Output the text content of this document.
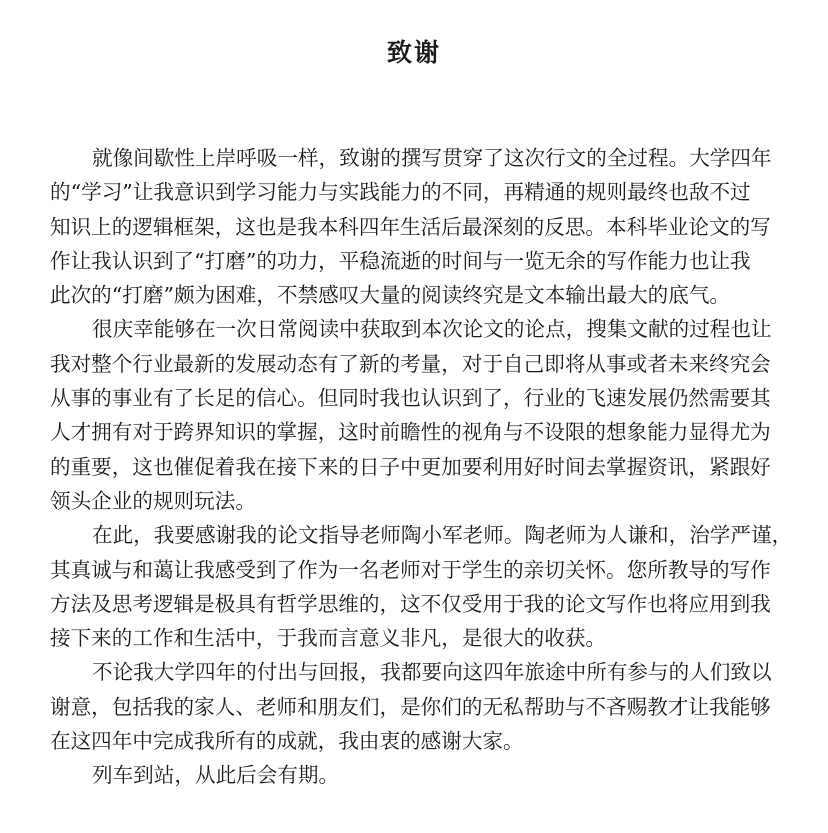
致谢
就像间歇性上岸呼吸一样，致谢的撰写贯穿了这次行文的全过程。大学四年
的“学习”让我意识到学习能力与实践能力的不同，再精通的规则最终也敌不过
知识上的逻辑框架，这也是我本科四年生活后最深刻的反思。本科毕业论文的写
作让我认识到了“打磨”的功力，平稳流逝的时间与一览无余的写作能力也让我
此次的“打磨”颇为困难，不禁感叹大量的阅读终究是文本输出最大的底气。
很庆幸能够在一次日常阅读中获取到本次论文的论点，搜集文献的过程也让
我对整个行业最新的发展动态有了新的考量，对于自己即将从事或者未来终究会
从事的事业有了长足的信心。但同时我也认识到了，行业的飞速发展仍然需要其
人才拥有对于跨界知识的掌握，这时前瞻性的视角与不设限的想象能力显得尤为
的重要，这也催促着我在接下来的日子中更加要利用好时间去掌握资讯，紧跟好
领头企业的规则玩法。
在此，我要感谢我的论文指导老师陶小军老师。陶老师为人谦和，治学严谨，
其真诚与和蔼让我感受到了作为一名老师对于学生的亲切关怀。您所教导的写作
方法及思考逻辑是极具有哲学思维的，这不仅受用于我的论文写作也将应用到我
接下来的工作和生活中，于我而言意义非凡，是很大的收获。
不论我大学四年的付出与回报，我都要向这四年旅途中所有参与的人们致以
谢意，包括我的家人、老师和朋友们，是你们的无私帮助与不吝赐教才让我能够
在这四年中完成我所有的成就，我由衷的感谢大家。
列车到站，从此后会有期。
